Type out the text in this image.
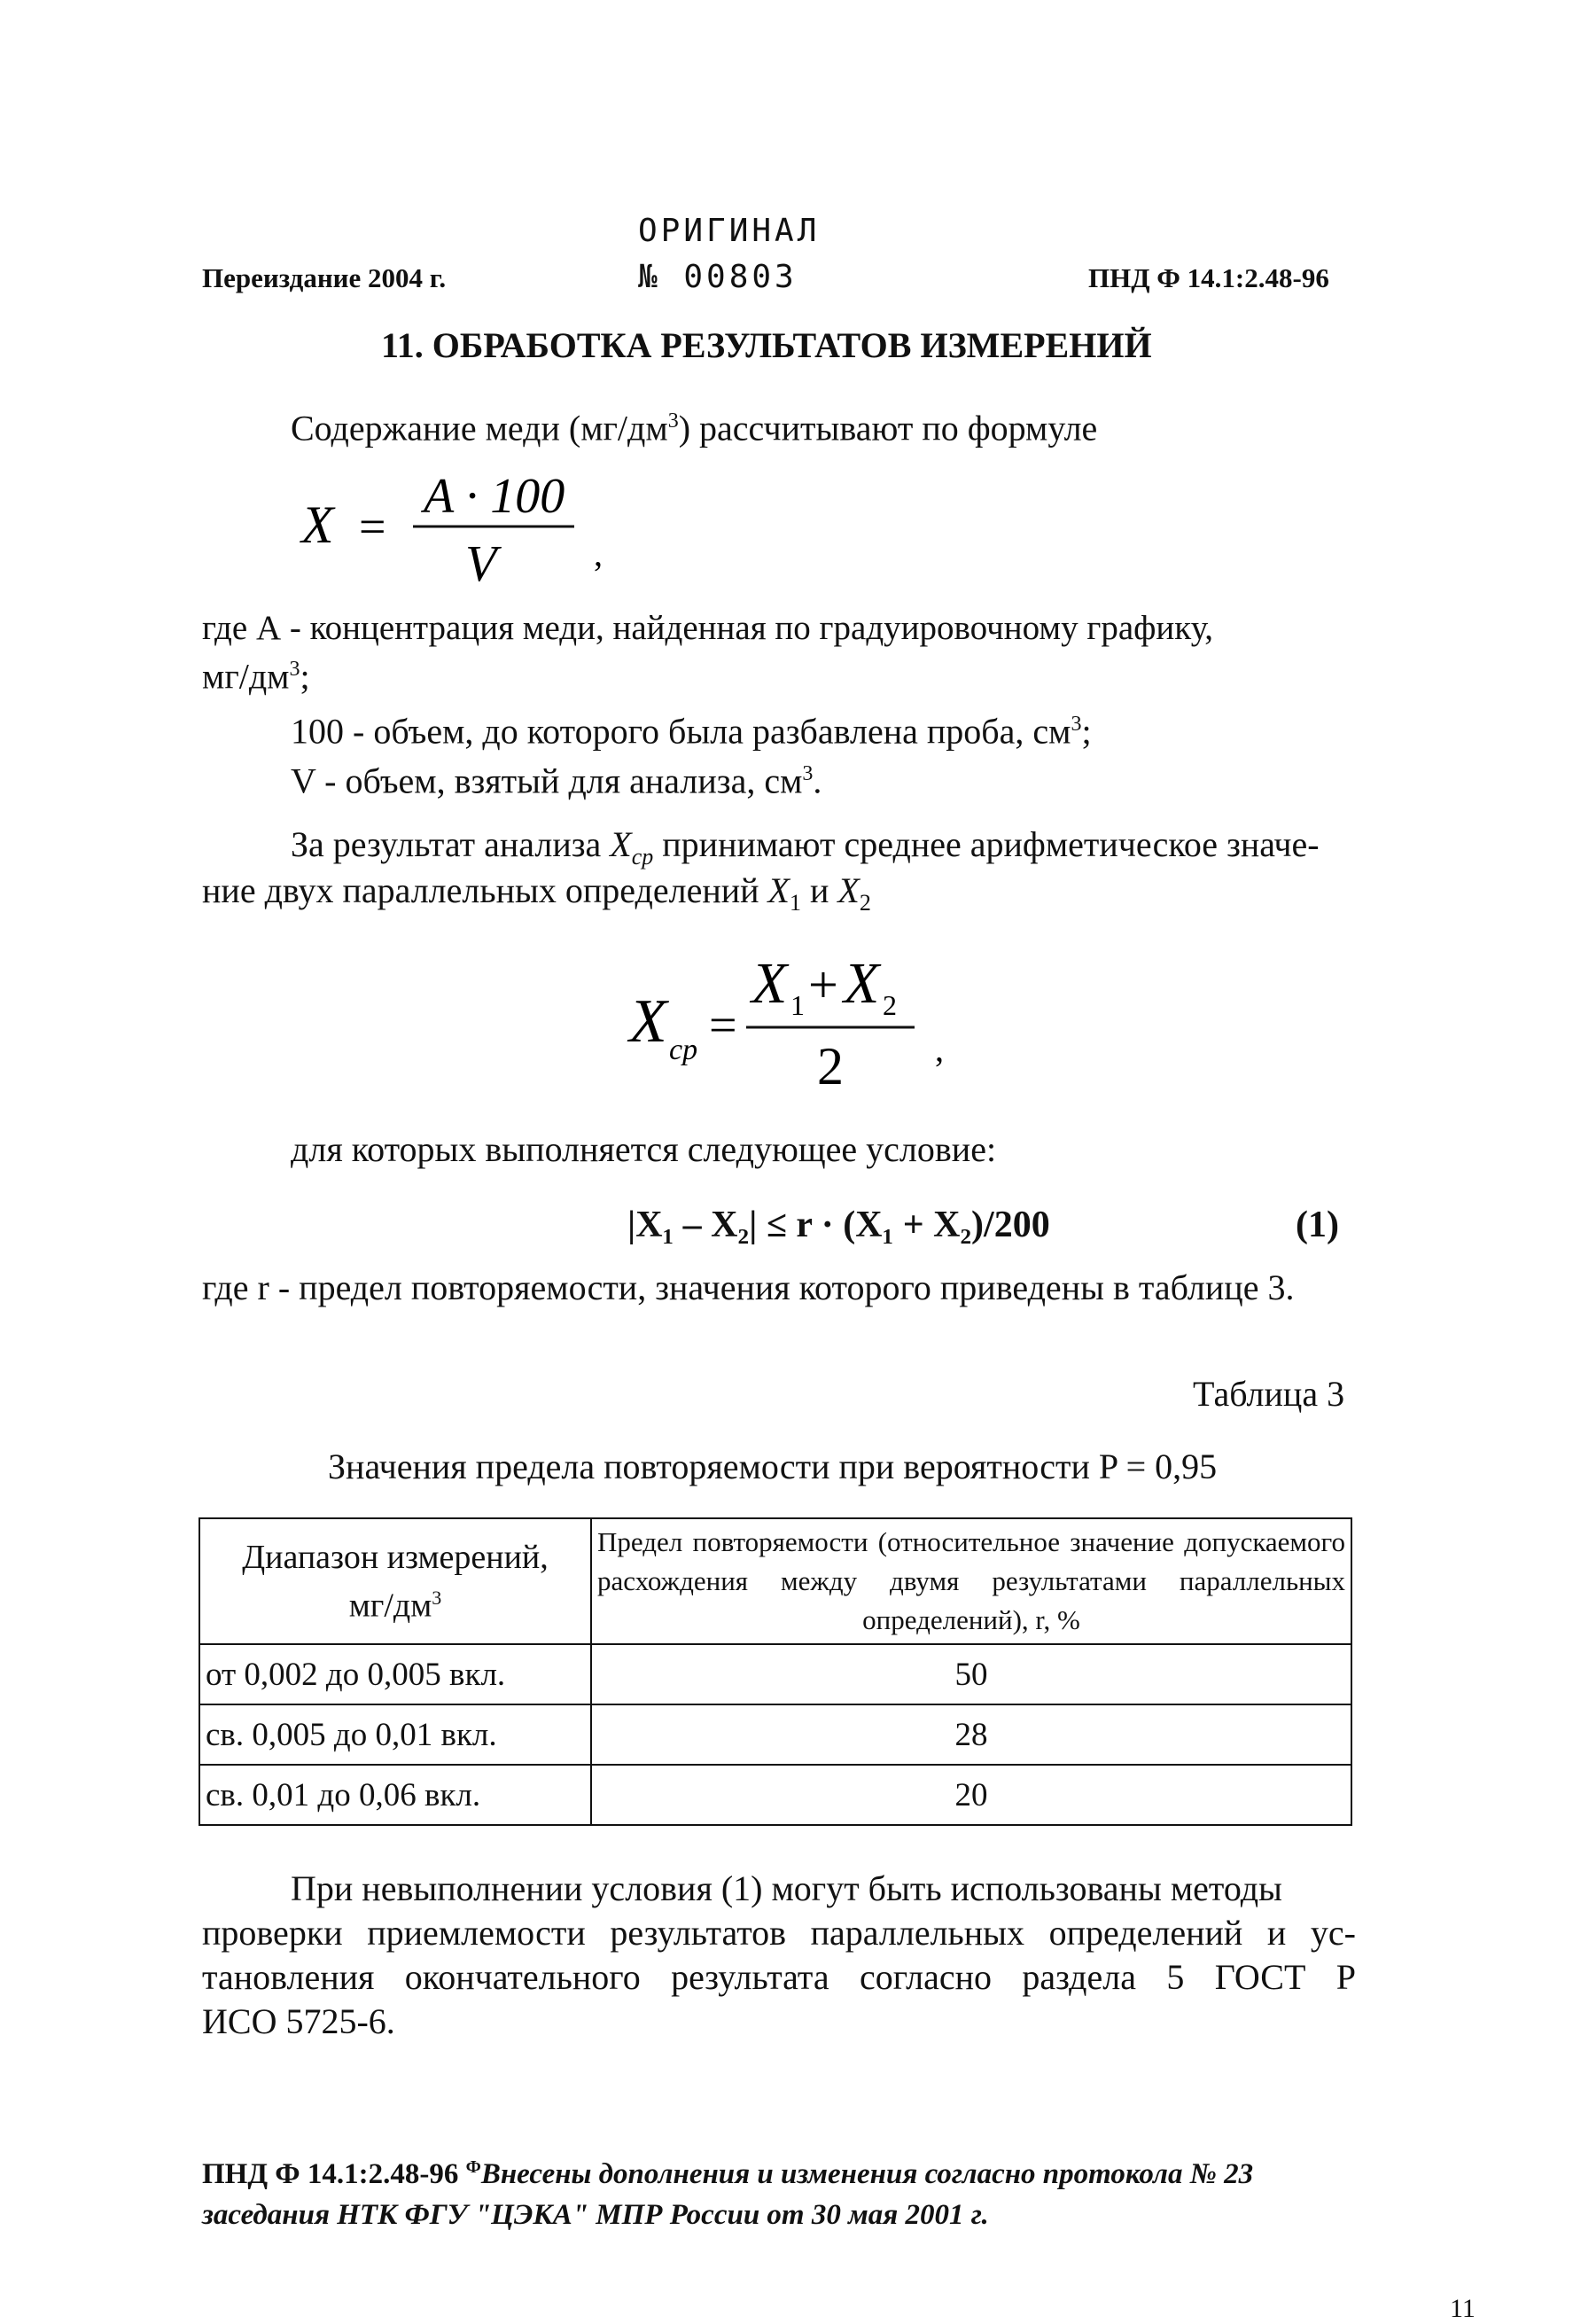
Переиздание 2004 г.
ОРИГИНАЛ
№ 00803	ПНД Ф 14.1:2.48-96
11. ОБРАБОТКА РЕЗУЛЬТАТОВ ИЗМЕРЕНИЙ
Содержание меди $(мг/дм^3)$ рассчитывают по формуле
X =
A · 100
V	,
где А - концентрация меди, найденная по градуировочному графику,
$мг/дм^3$;
100 - объем, до которого была разбавлена проба, $см^3$;
V - объем, взятый для анализа, $см^3$.
За результат анализа $X_{ср}$ принимают среднее арифметическое значе-
ние двух параллельных определений $X_1$ и $X_2$
X ср =
X 1 + X 2
2	,
для которых выполняется следующее условие:
|X₁ – X₂| ≤ r · (X₁ + X₂)/200	(1)
где r - предел повторяемости, значения которого приведены в таблице 3.
Таблица 3
Значения предела повторяемости при вероятности P = 0,95
Диапазон измерений,
$мг/дм^3$	Предел повторяемости (относительное значение допускаемого расхождения между двумя результатами параллельных определений), r, %
от 0,002 до 0,005 вкл.	50
св. 0,005 до 0,01 вкл.	28
св. 0,01 до 0,06 вкл.	20
При невыполнении условия (1) могут быть использованы методы
проверки приемлемости результатов параллельных определений и ус-
тановления окончательного результата согласно раздела 5 ГОСТ Р
ИСО 5725-6.
ПНД Ф 14.1:2.48-96 $^Ф$Внесены дополнения и изменения согласно протокола № 23
заседания НТК ФГУ "ЦЭКА" МПР России от 30 мая 2001 г.
11
